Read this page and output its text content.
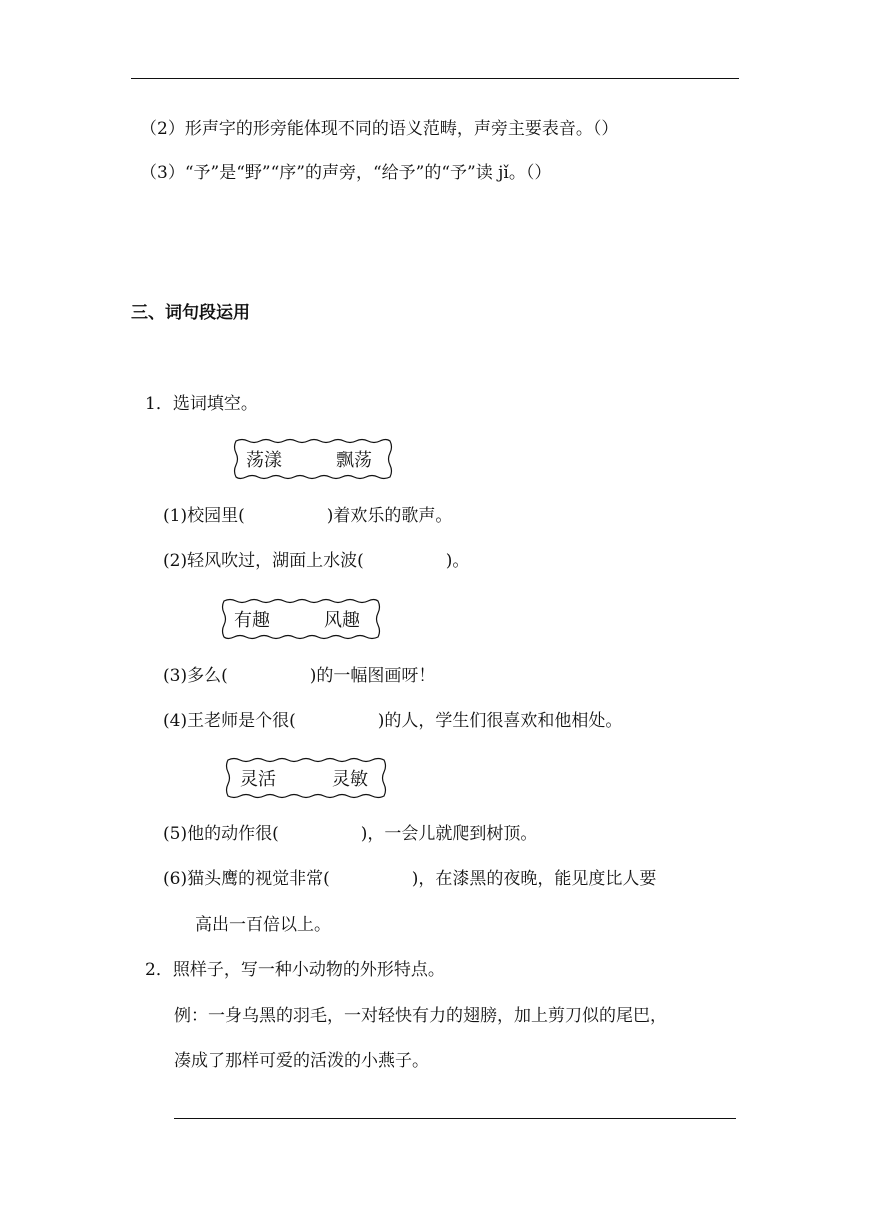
（2）形声字的形旁能体现不同的语义范畴，声旁主要表音。（）
（3）“予”是“野”“序”的声旁，“给予”的“予”读 jǐ。（）
三、词句段运用
1．选词填空。
荡漾	飘荡
(1)校园里(	)着欢乐的歌声。
(2)轻风吹过，湖面上水波(	)。
有趣	风趣
(3)多么(	)的一幅图画呀！
(4)王老师是个很(	)的人，学生们很喜欢和他相处。
灵活	灵敏
(5)他的动作很(	)，一会儿就爬到树顶。
(6)猫头鹰的视觉非常(	)，在漆黑的夜晚，能见度比人要
高出一百倍以上。
2．照样子，写一种小动物的外形特点。
例：一身乌黑的羽毛，一对轻快有力的翅膀，加上剪刀似的尾巴，
凑成了那样可爱的活泼的小燕子。
